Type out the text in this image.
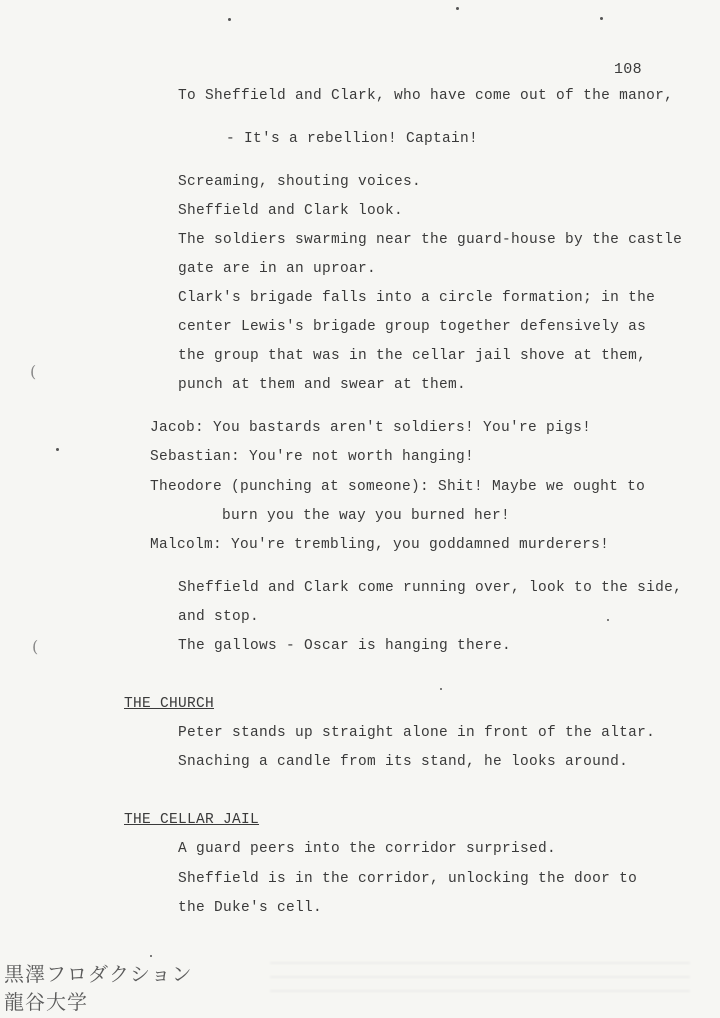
108
To Sheffield and Clark, who have come out of the manor,
- It's a rebellion! Captain!
Screaming, shouting voices.
Sheffield and Clark look.
The soldiers swarming near the guard-house by the castle
gate are in an uproar.
Clark's brigade falls into a circle formation; in the
center Lewis's brigade group together defensively as
the group that was in the cellar jail shove at them,
punch at them and swear at them.
Jacob: You bastards aren't soldiers! You're pigs!
Sebastian: You're not worth hanging!
Theodore (punching at someone): Shit! Maybe we ought to
burn you the way you burned her!
Malcolm: You're trembling, you goddamned murderers!
Sheffield and Clark come running over, look to the side,
and stop.
The gallows - Oscar is hanging there.
THE CHURCH
Peter stands up straight alone in front of the altar.
Snaching a candle from its stand, he looks around.
THE CELLAR JAIL
A guard peers into the corridor surprised.
Sheffield is in the corridor, unlocking the door to
the Duke's cell.
(
(
黒澤フロダクション
龍谷大学
